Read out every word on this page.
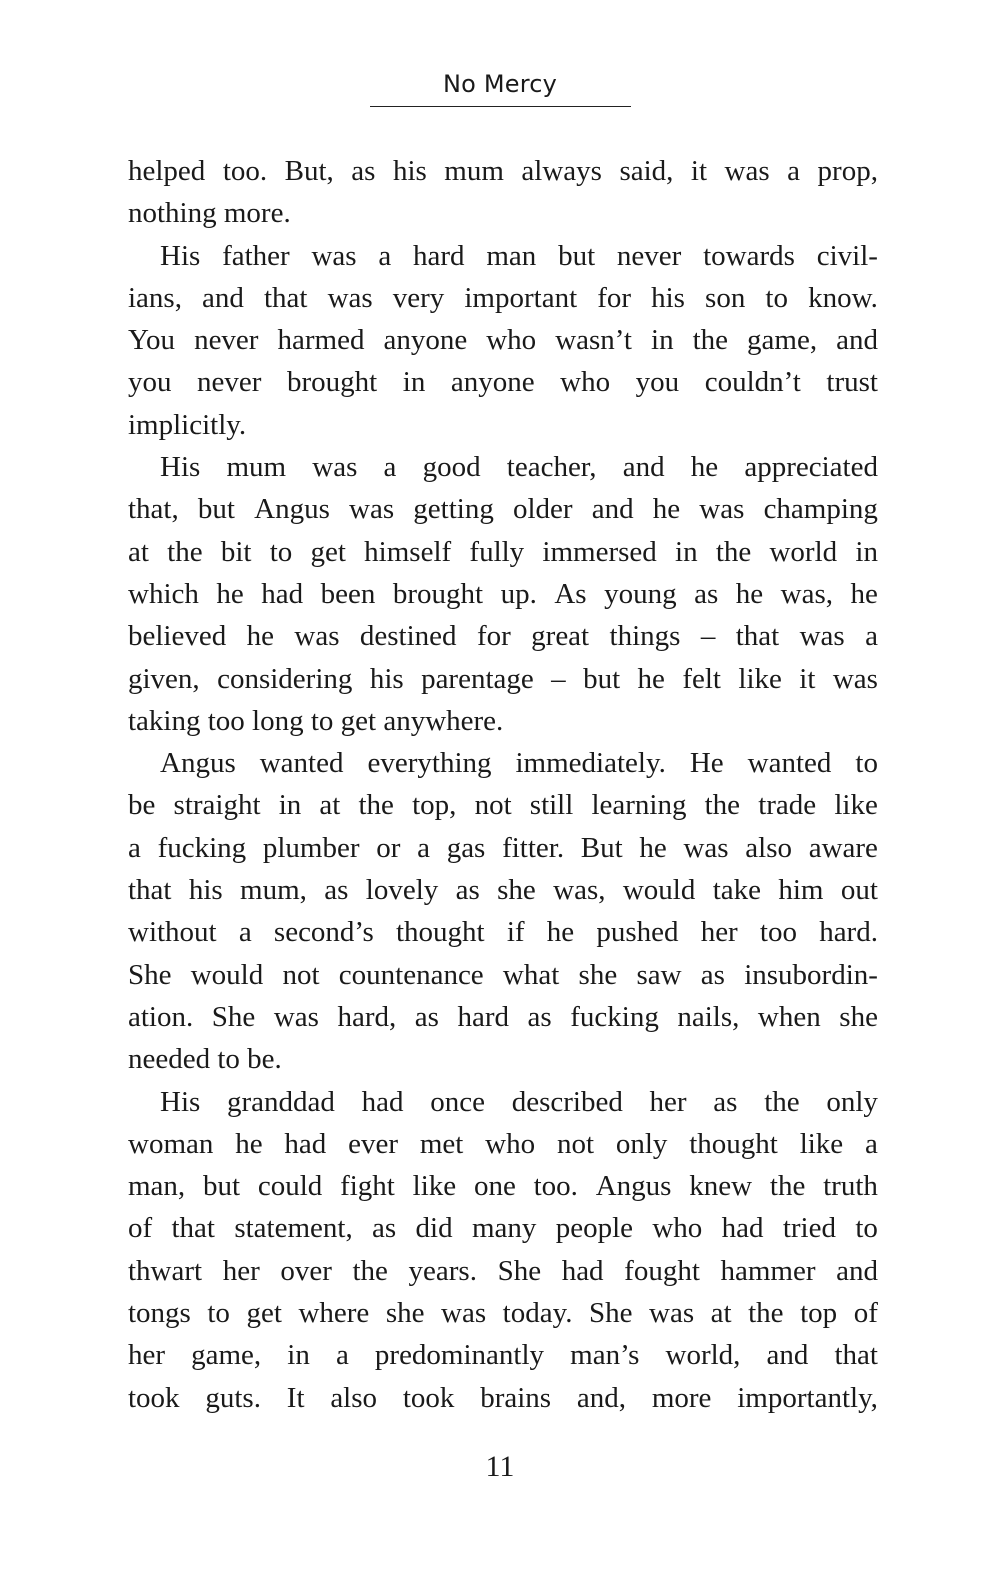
No Mercy
helped too. But, as his mum always said, it was a prop,
nothing more.
His father was a hard man but never towards civil-
ians, and that was very important for his son to know.
You never harmed anyone who wasn’t in the game, and
you never brought in anyone who you couldn’t trust
implicitly.
His mum was a good teacher, and he appreciated
that, but Angus was getting older and he was champing
at the bit to get himself fully immersed in the world in
which he had been brought up. As young as he was, he
believed he was destined for great things – that was a
given, considering his parentage – but he felt like it was
taking too long to get anywhere.
Angus wanted everything immediately. He wanted to
be straight in at the top, not still learning the trade like
a fucking plumber or a gas fitter. But he was also aware
that his mum, as lovely as she was, would take him out
without a second’s thought if he pushed her too hard.
She would not countenance what she saw as insubordin-
ation. She was hard, as hard as fucking nails, when she
needed to be.
His granddad had once described her as the only
woman he had ever met who not only thought like a
man, but could fight like one too. Angus knew the truth
of that statement, as did many people who had tried to
thwart her over the years. She had fought hammer and
tongs to get where she was today. She was at the top of
her game, in a predominantly man’s world, and that
took guts. It also took brains and, more importantly,
11
